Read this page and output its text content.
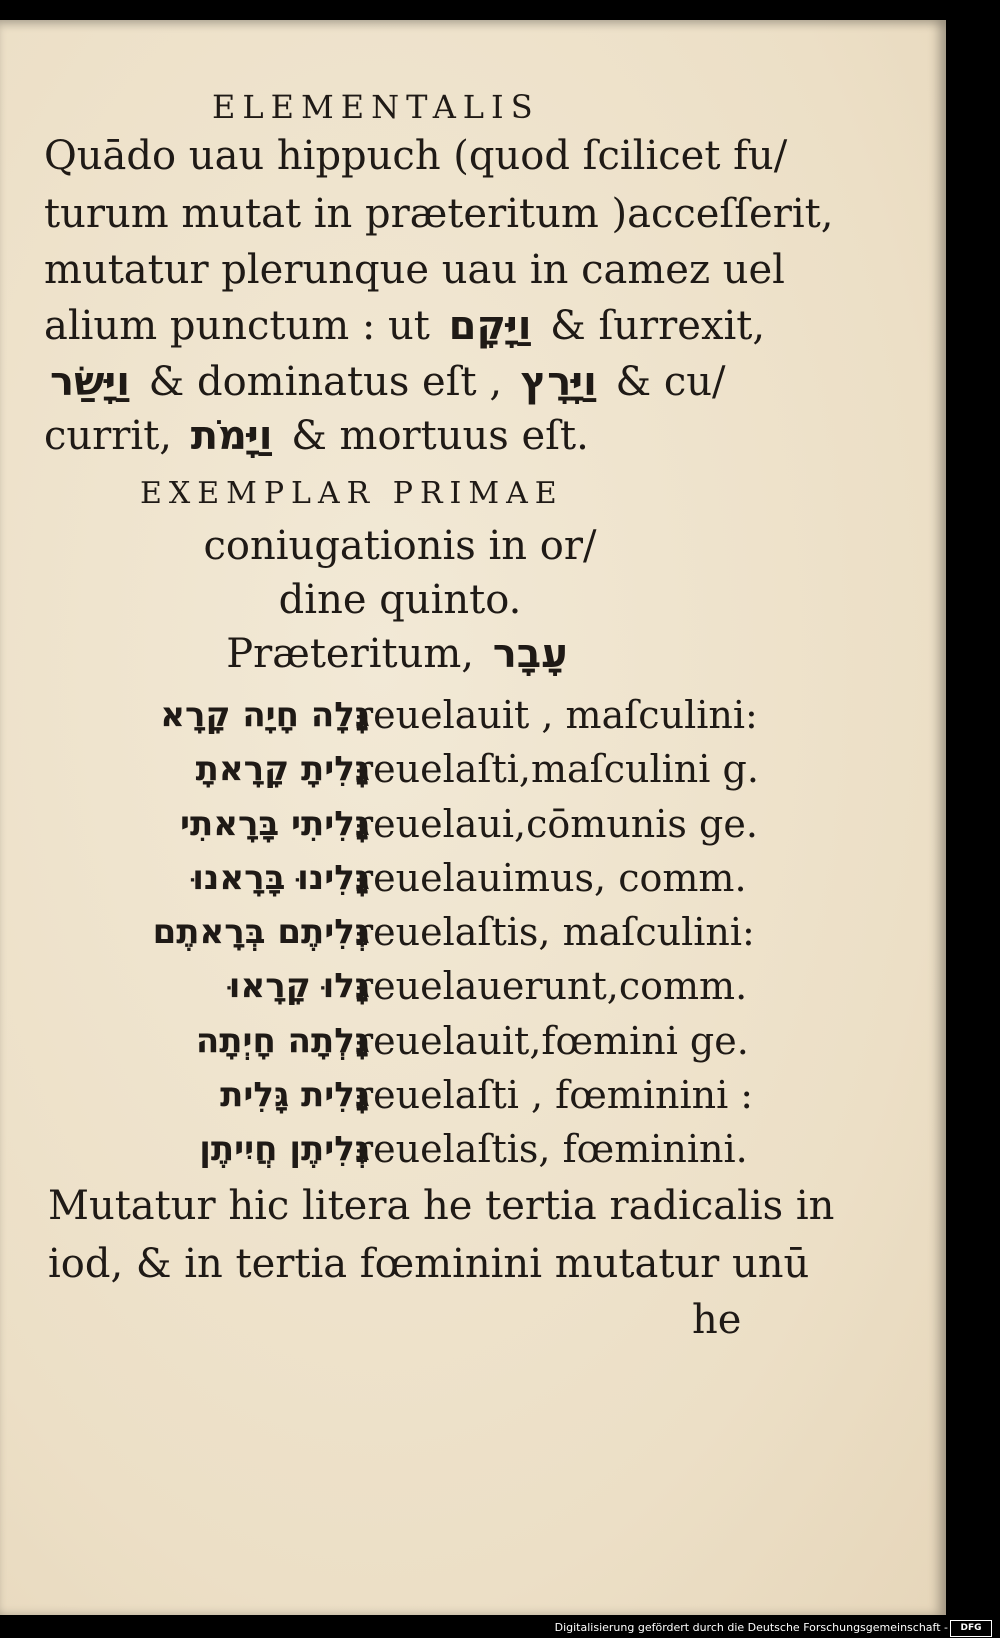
ELEMENTALIS
Quādo uau hippuch (quod ſcilicet fu/
turum mutat in præteritum )acceſſerit,
mutatur plerunque uau in camez uel
alium punctum : ut וַיָּקָם & ſurrexit,
וַיָּשַׂר & dominatus eſt , וַיָּרָץ & cu/
currit, וַיָּמֹת & mortuus eſt.
EXEMPLAR PRIMAE
coniugationis in or/
dine quinto.
Præteritum, עָבָר
גָּלָה חָיָה קָרָא
reuelauit , maſculini:
גָּלִיתָ קָרָאתָ
reuelaſti,maſculini g.
גָּלִיתִי בָּרָאתִי
reuelaui,cōmunis ge.
גָּלִינוּ בָּרָאנוּ
reuelauimus, comm.
גְּלִיתֶם בְּרָאתֶם
reuelaſtis, maſculini:
גָּלוּ קָרָאוּ
reuelauerunt,comm.
גָּלְתָה חָיְתָה
reuelauit,fœmini ge.
גָּלִית גָּלִית
reuelaſti , fœminini :
גְּלִיתֶן חֲיִיתֶן
reuelaſtis, fœminini.
Mutatur hic litera he tertia radicalis in
iod, & in tertia fœminini mutatur unū
he
Digitalisierung gefördert durch die Deutsche Forschungsgemeinschaft -	DFG
